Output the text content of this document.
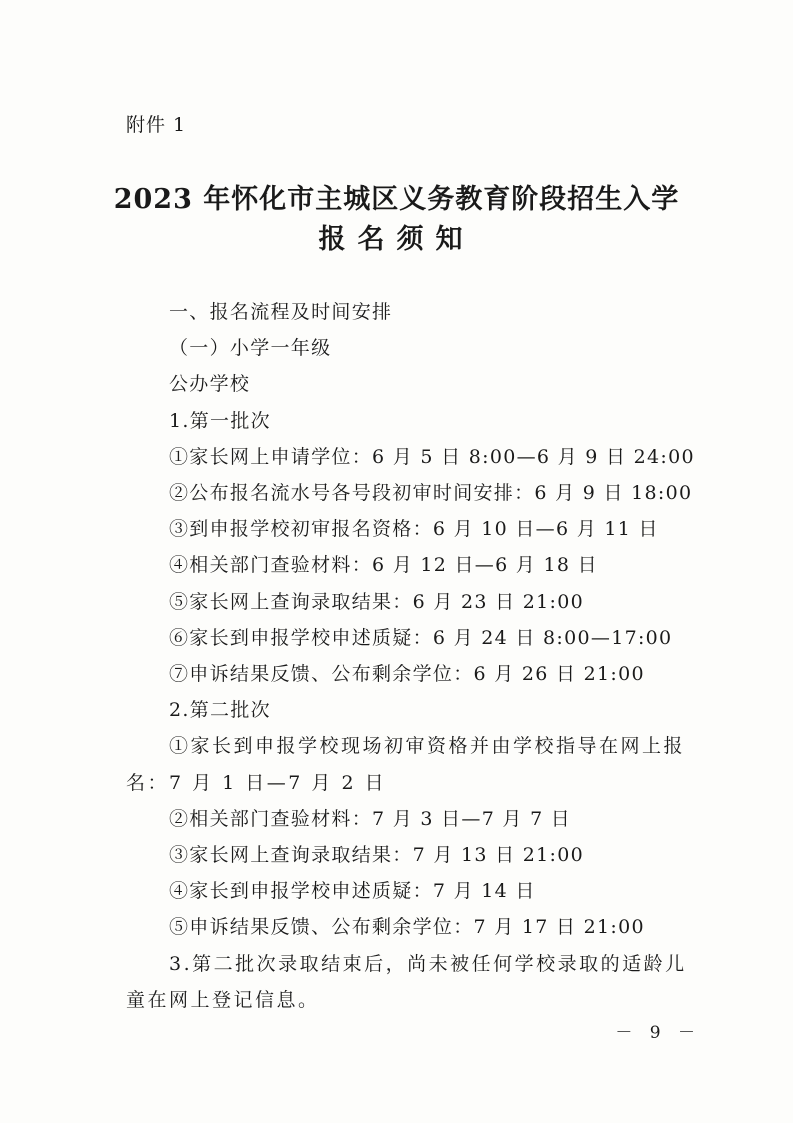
附件 1
2023 年怀化市主城区义务教育阶段招生入学
报名须知
一、报名流程及时间安排
（一）小学一年级
公办学校
1.第一批次
①家长网上申请学位：6 月 5 日 8:00—6 月 9 日 24:00
②公布报名流水号各号段初审时间安排：6 月 9 日 18:00
③到申报学校初审报名资格：6 月 10 日—6 月 11 日
④相关部门查验材料：6 月 12 日—6 月 18 日
⑤家长网上查询录取结果：6 月 23 日 21:00
⑥家长到申报学校申述质疑：6 月 24 日 8:00—17:00
⑦申诉结果反馈、公布剩余学位：6 月 26 日 21:00
2.第二批次
①家长到申报学校现场初审资格并由学校指导在网上报名：7 月 1 日—7 月 2 日
②相关部门查验材料：7 月 3 日—7 月 7 日
③家长网上查询录取结果：7 月 13 日 21:00
④家长到申报学校申述质疑：7 月 14 日
⑤申诉结果反馈、公布剩余学位：7 月 17 日 21:00
3.第二批次录取结束后，尚未被任何学校录取的适龄儿童在网上登记信息。
－ 9 －
